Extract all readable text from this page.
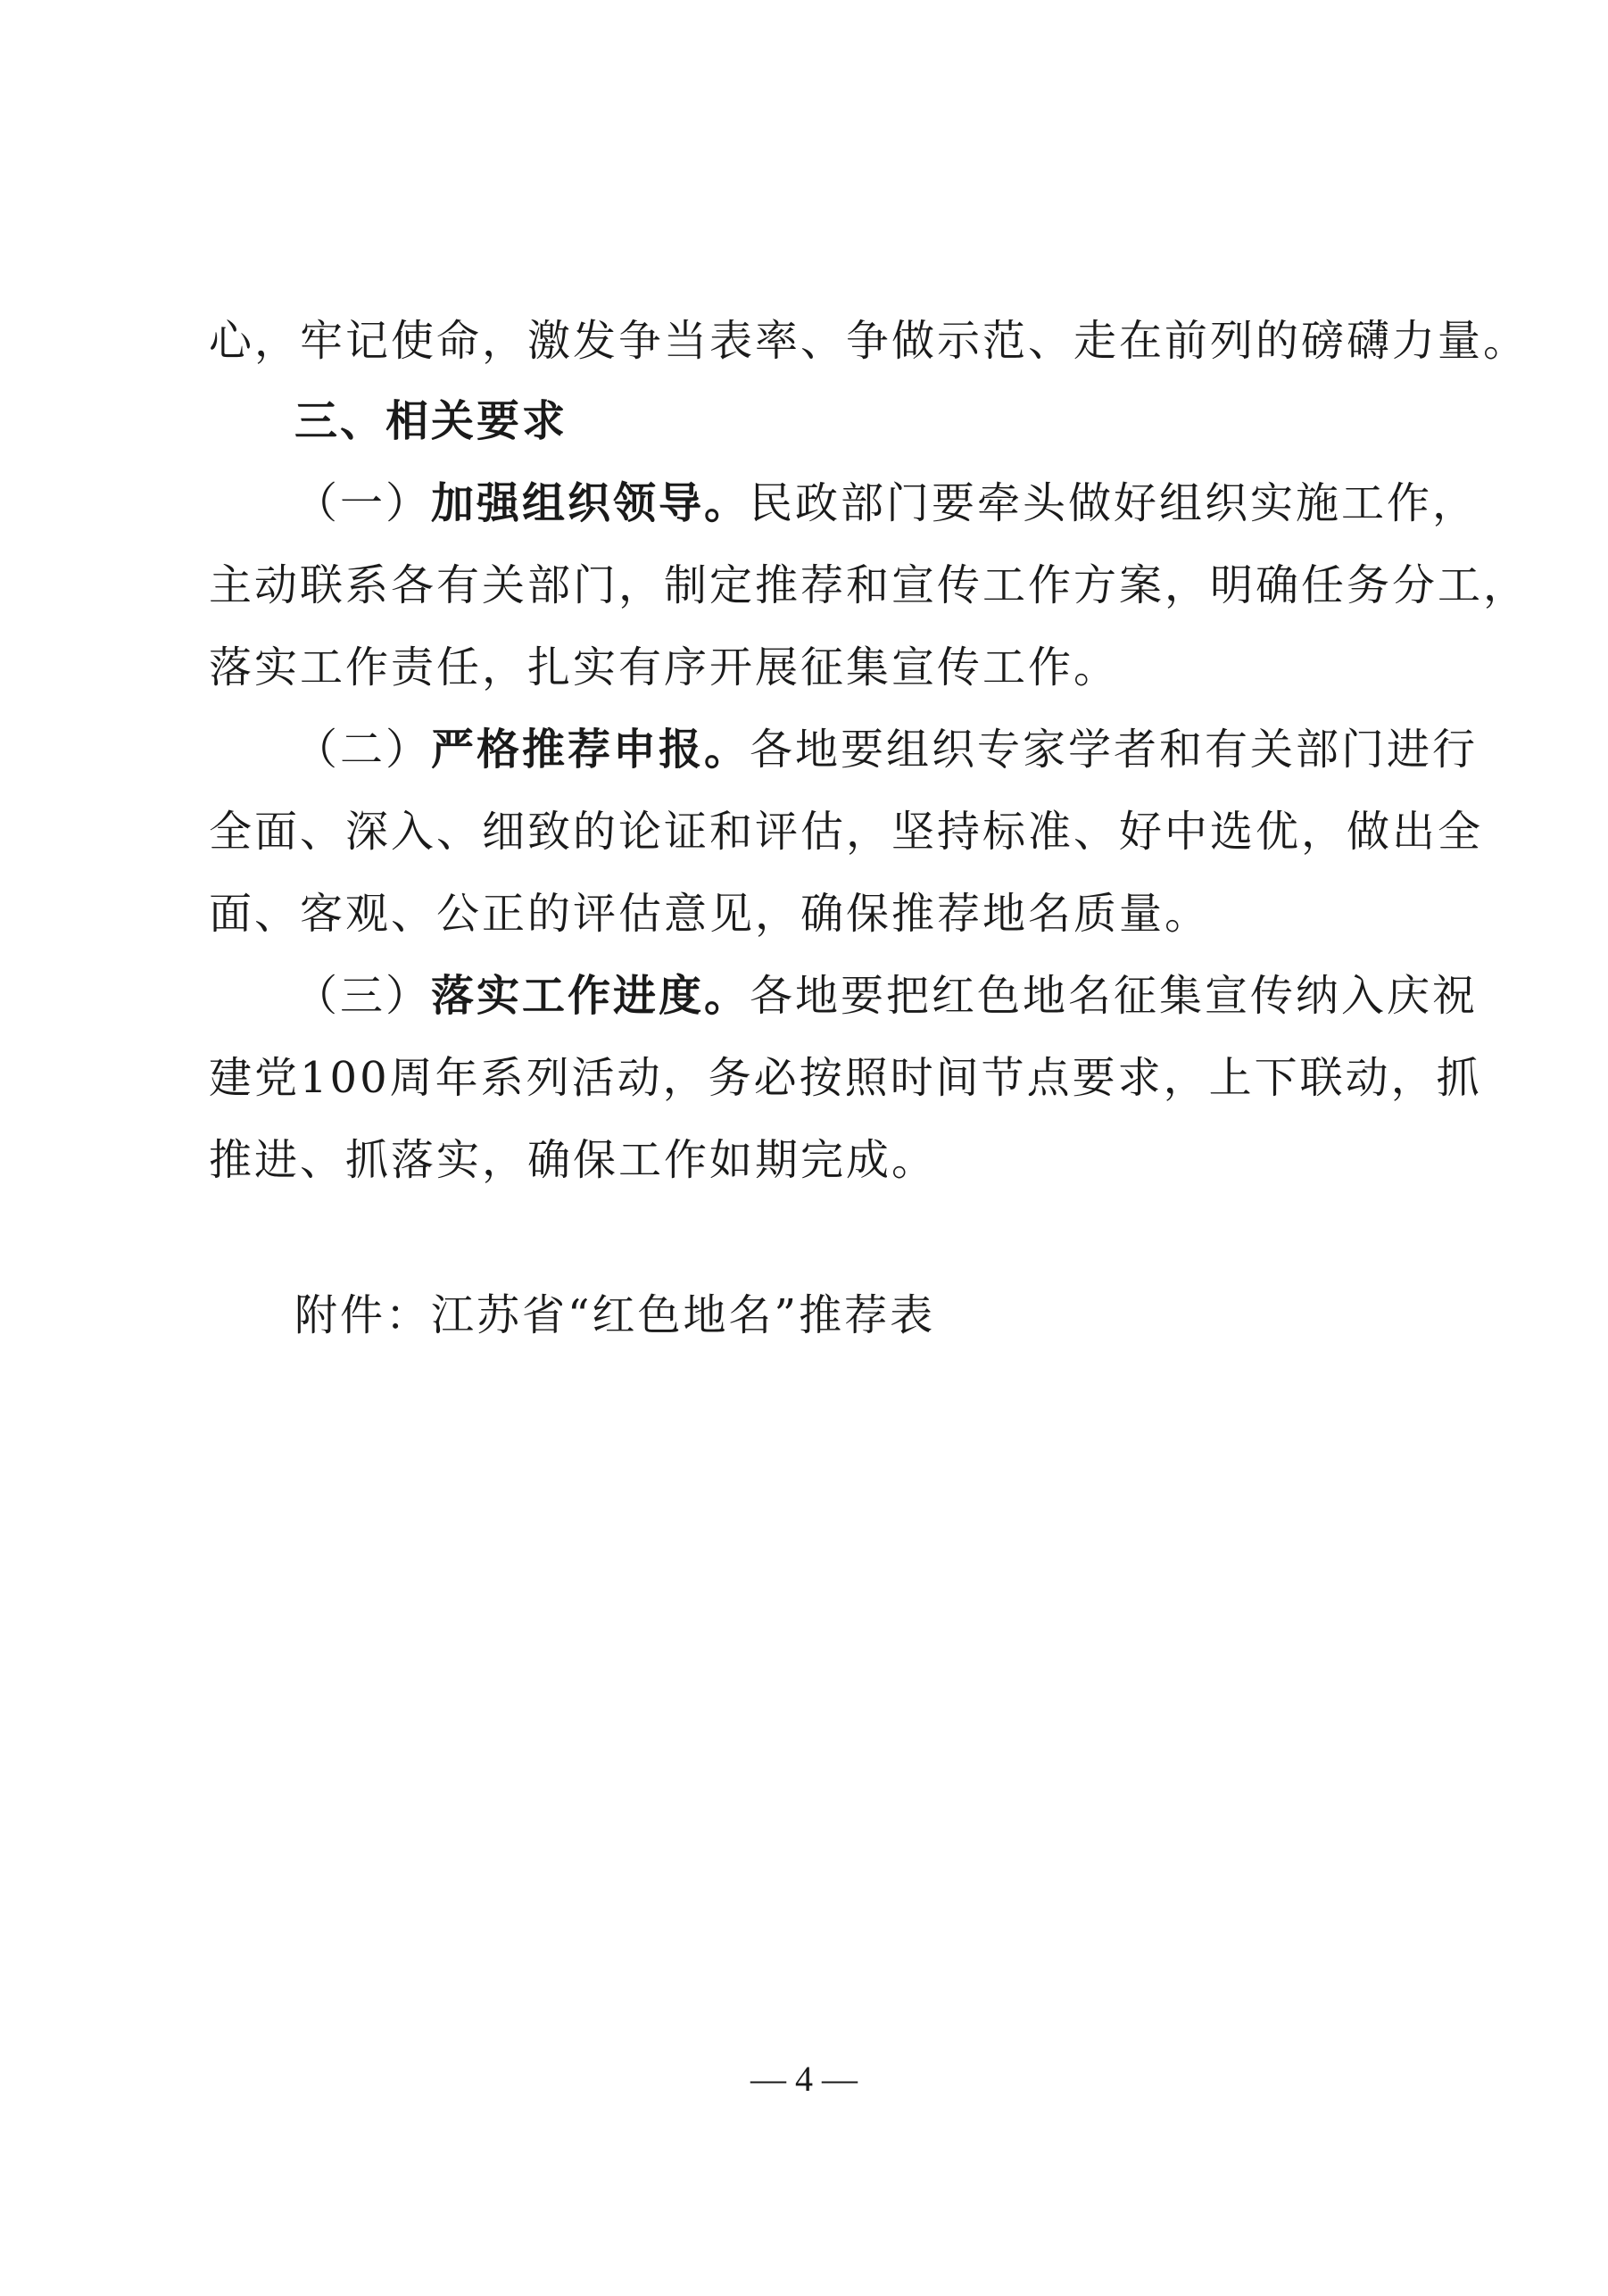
心，牢记使命，激发争当表率、争做示范、走在前列的磅礴力量。
三、相关要求
（一）加强组织领导。民政部门要牵头做好组织实施工作，
主动联系各有关部门，制定推荐和宣传工作方案，明确任务分工，
落实工作责任，扎实有序开展征集宣传工作。
（二）严格推荐申报。各地要组织专家学者和有关部门进行
全面、深入、细致的论证和评估，坚持标准、好中选优，做出全
面、客观、公正的评估意见，确保推荐地名质量。
（三）落实工作进度。各地要把红色地名征集宣传纳入庆祝
建党100周年系列活动，务必按照时间节点要求，上下联动，抓
推进、抓落实，确保工作如期完成。
附件：江苏省“红色地名”推荐表
— 4 —
